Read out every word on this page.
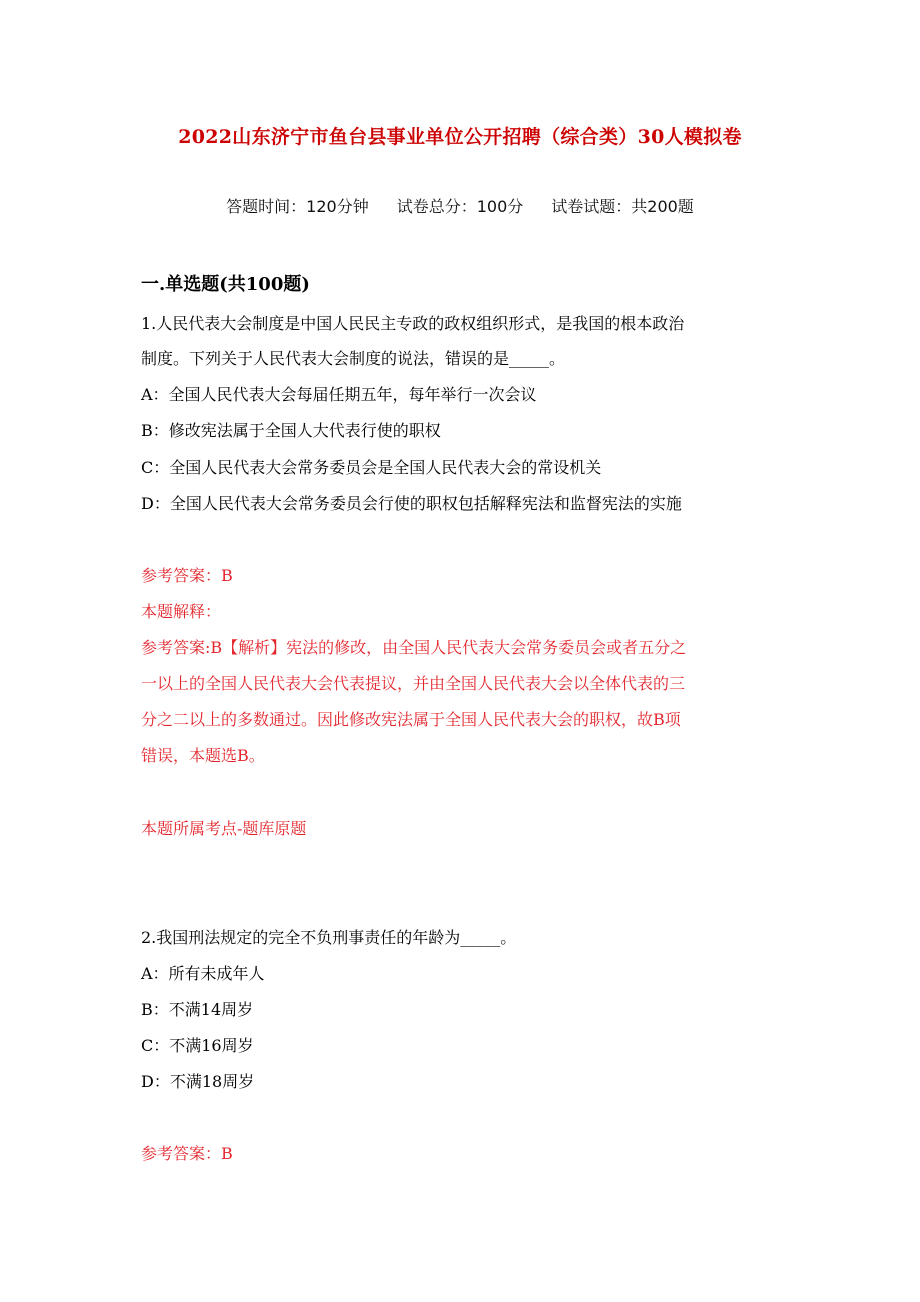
2022山东济宁市鱼台县事业单位公开招聘（综合类）30人模拟卷
答题时间：120分钟 试卷总分：100分 试卷试题：共200题
一.单选题(共100题)
1.人民代表大会制度是中国人民民主专政的政权组织形式，是我国的根本政治
制度。下列关于人民代表大会制度的说法，错误的是_____。
A：全国人民代表大会每届任期五年，每年举行一次会议
B：修改宪法属于全国人大代表行使的职权
C：全国人民代表大会常务委员会是全国人民代表大会的常设机关
D：全国人民代表大会常务委员会行使的职权包括解释宪法和监督宪法的实施
参考答案：B
本题解释：
参考答案:B【解析】宪法的修改，由全国人民代表大会常务委员会或者五分之
一以上的全国人民代表大会代表提议，并由全国人民代表大会以全体代表的三
分之二以上的多数通过。因此修改宪法属于全国人民代表大会的职权，故B项
错误，本题选B。
本题所属考点-题库原题
2.我国刑法规定的完全不负刑事责任的年龄为_____。
A：所有未成年人
B：不满14周岁
C：不满16周岁
D：不满18周岁
参考答案：B
